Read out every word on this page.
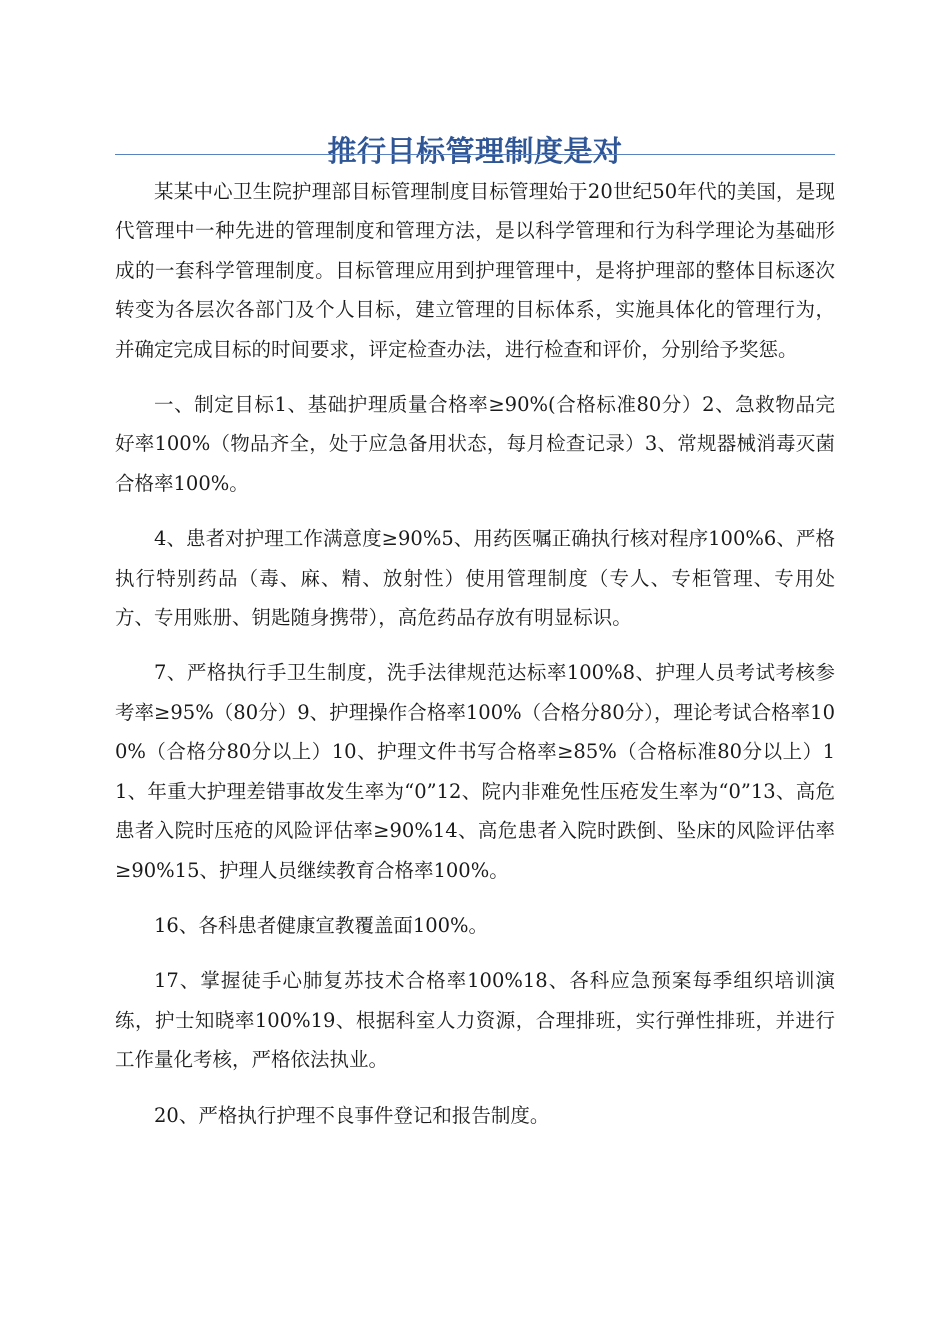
推行目标管理制度是对

某某中心卫生院护理部目标管理制度目标管理始于20世纪50年代的美国，是现代管理中一种先进的管理制度和管理方法，是以科学管理和行为科学理论为基础形成的一套科学管理制度。目标管理应用到护理管理中，是将护理部的整体目标逐次转变为各层次各部门及个人目标，建立管理的目标体系，实施具体化的管理行为，并确定完成目标的时间要求，评定检查办法，进行检查和评价，分别给予奖惩。

一、制定目标1、基础护理质量合格率≥90%(合格标准80分）2、急救物品完好率100%（物品齐全，处于应急备用状态，每月检查记录）3、常规器械消毒灭菌合格率100%。

4、患者对护理工作满意度≥90%5、用药医嘱正确执行核对程序100%6、严格执行特别药品（毒、麻、精、放射性）使用管理制度（专人、专柜管理、专用处方、专用账册、钥匙随身携带），高危药品存放有明显标识。

7、严格执行手卫生制度，洗手法律规范达标率100%8、护理人员考试考核参考率≥95%（80分）9、护理操作合格率100%（合格分80分），理论考试合格率100%（合格分80分以上）10、护理文件书写合格率≥85%（合格标准80分以上）11、年重大护理差错事故发生率为“0”12、院内非难免性压疮发生率为“0”13、高危患者入院时压疮的风险评估率≥90%14、高危患者入院时跌倒、坠床的风险评估率≥90%15、护理人员继续教育合格率100%。

16、各科患者健康宣教覆盖面100%。

17、掌握徒手心肺复苏技术合格率100%18、各科应急预案每季组织培训演练，护士知晓率100%19、根据科室人力资源，合理排班，实行弹性排班，并进行工作量化考核，严格依法执业。

20、严格执行护理不良事件登记和报告制度。
